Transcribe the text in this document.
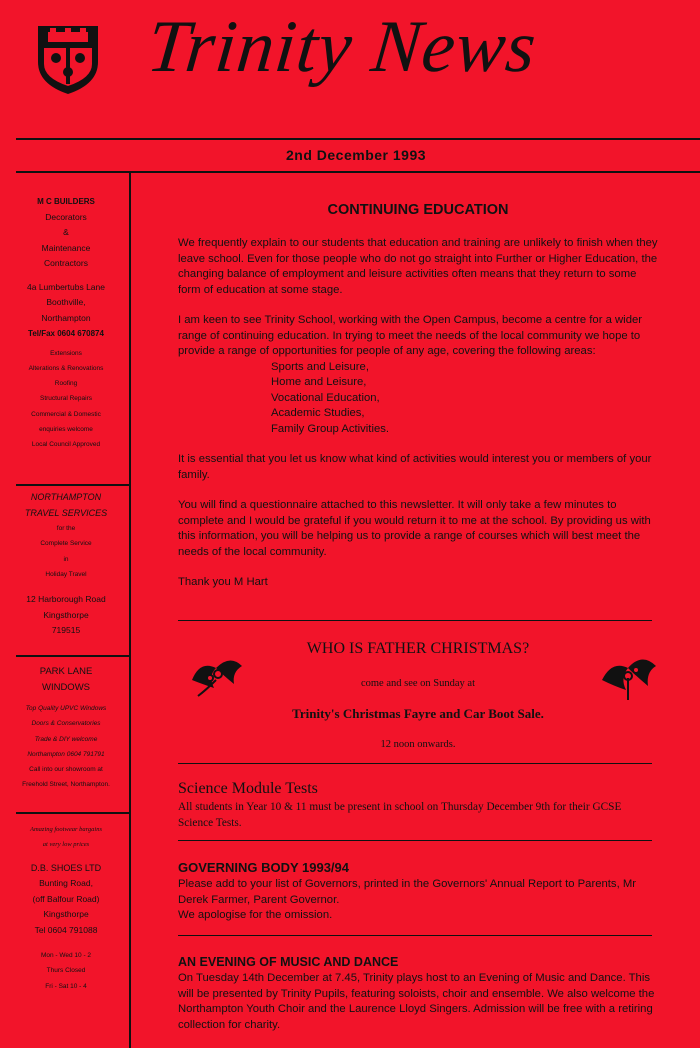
Trinity News
2nd December 1993
M C BUILDERS
Decorators
&
Maintenance
Contractors
4a Lumbertubs Lane
Boothville,
Northampton
Tel/Fax 0604 670874
Extensions
Alterations & Renovations
Roofing
Structural Repairs
Commercial & Domestic
enquiries welcome
Local Council Approved
NORTHAMPTON
TRAVEL SERVICES
for the
Complete Service
in
Holiday Travel
12 Harborough Road
Kingsthorpe
719515
PARK LANE
WINDOWS
Top Quality UPVC Windows
Doors & Conservatories
Trade & DIY welcome
Northampton 0604 791791
Call into our showroom at
Freehold Street, Northampton.
Amazing footwear bargains
at very low prices
D.B. SHOES LTD
Bunting Road,
(off Balfour Road)
Kingsthorpe
Tel 0604 791088
Mon - Wed 10 - 2
Thurs Closed
Fri - Sat 10 - 4
CONTINUING EDUCATION

We frequently explain to our students that education and training are unlikely to finish when they leave school. Even for those people who do not go straight into Further or Higher Education, the changing balance of employment and leisure activities often means that they return to some form of education at some stage.

I am keen to see Trinity School, working with the Open Campus, become a centre for a wider range of continuing education. In trying to meet the needs of the local community we hope to provide a range of opportunities for people of any age, covering the following areas:

Sports and Leisure,
Home and Leisure,
Vocational Education,
Academic Studies,
Family Group Activities.

It is essential that you let us know what kind of activities would interest you or members of your family.

You will find a questionnaire attached to this newsletter. It will only take a few minutes to complete and I would be grateful if you would return it to me at the school. By providing us with this information, you will be helping us to provide a range of courses which will best meet the needs of the local community.

Thank you M Hart

WHO IS FATHER CHRISTMAS?
come and see on Sunday at
Trinity's Christmas Fayre and Car Boot Sale.
12 noon onwards.
Science Module Tests
All students in Year 10 & 11 must be present in school on Thursday December 9th for their GCSE Science Tests.
GOVERNING BODY 1993/94
Please add to your list of Governors, printed in the Governors' Annual Report to Parents, Mr Derek Farmer, Parent Governor.
We apologise for the omission.
AN EVENING OF MUSIC AND DANCE
On Tuesday 14th December at 7.45, Trinity plays host to an Evening of Music and Dance. This will be presented by Trinity Pupils, featuring soloists, choir and ensemble. We also welcome the Northampton Youth Choir and the Laurence Lloyd Singers. Admission will be free with a retiring collection for charity.
